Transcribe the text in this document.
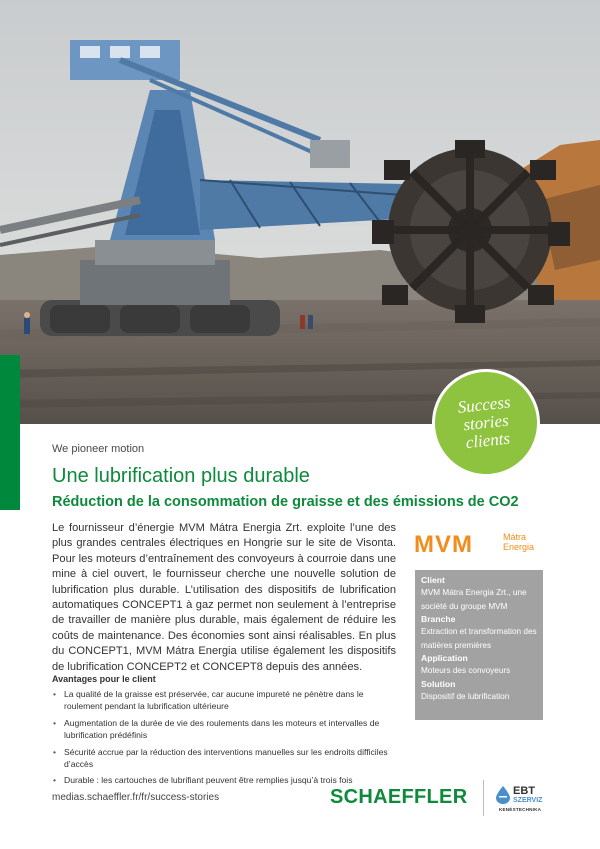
Success
stories
clients
We pioneer motion
Une lubrification plus durable
Réduction de la consommation de graisse et des émissions de CO2

Le fournisseur d’énergie MVM Mátra Energia Zrt. exploite l’une des plus grandes centrales électriques en Hongrie sur le site de Visonta. Pour les moteurs d’entraînement des convoyeurs à courroie dans une mine à ciel ouvert, le fournisseur cherche une nouvelle solution de lubrification plus durable. L’utilisation des dispositifs de lubrification automatiques CONCEPT1 à gaz permet non seulement à l’entreprise de travailler de manière plus durable, mais également de réduire les coûts de maintenance. Des économies sont ainsi réalisables. En plus du CONCEPT1, MVM Mátra Energia utilise également les dispositifs de lubrification CONCEPT2 et CONCEPT8 depuis des années.

Avantages pour le client
• La qualité de la graisse est préservée, car aucune impureté ne pénètre dans le roulement pendant la lubrification ultérieure
• Augmentation de la durée de vie des roulements dans les moteurs et intervalles de lubrification prédéfinis
• Sécurité accrue par la réduction des interventions manuelles sur les endroits difficiles d’accès
• Durable : les cartouches de lubrifiant peuvent être remplies jusqu’à trois fois
MVM	Mátra
Energia
Client
MVM Mátra Energia Zrt., une société du groupe MVM
Branche
Extraction et transformation des matières premières
Application
Moteurs des convoyeurs
Solution
Dispositif de lubrification
medias.schaeffler.fr/fr/success-stories	SCHAEFFLER	EBT
SZERVIZ
KENÉSTECHNIKA
